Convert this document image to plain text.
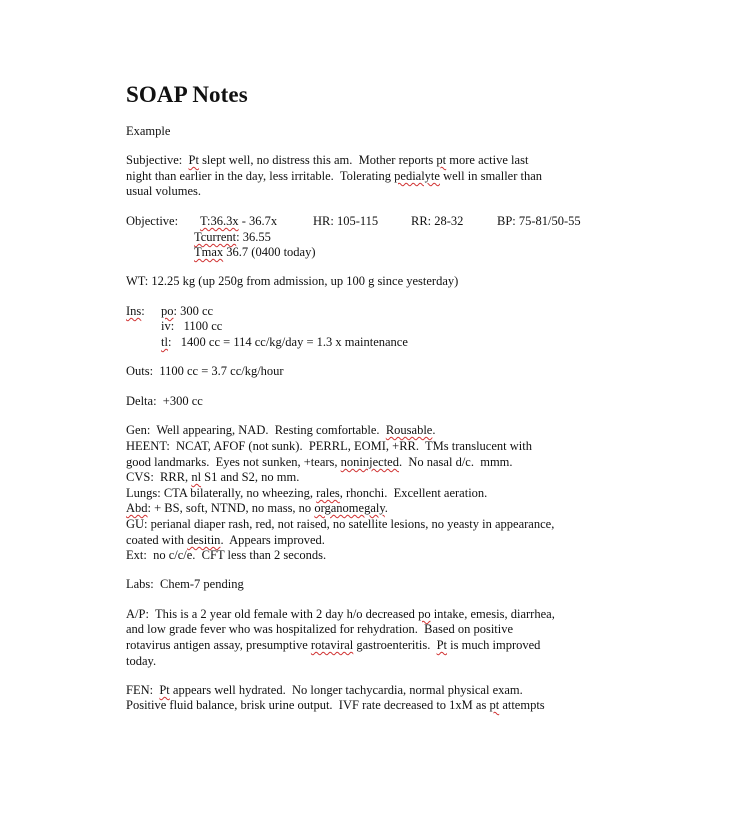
SOAP Notes
Example
Subjective: Pt slept well, no distress this am.  Mother reports pt more active last
night than earlier in the day, less irritable.  Tolerating pedialyte well in smaller than
usual volumes.
Objective: T:36.3x - 36.7x	HR: 105-115	RR: 28-32	BP: 75-81/50-55
Tcurrent: 36.55
Tmax 36.7 (0400 today)
WT: 12.25 kg (up 250g from admission, up 100 g since yesterday)
Ins: po: 300 cc
iv:   1100 cc
tl:   1400 cc = 114 cc/kg/day = 1.3 x maintenance
Outs:  1100 cc = 3.7 cc/kg/hour
Delta:  +300 cc
Gen:  Well appearing, NAD.  Resting comfortable.  Rousable.
HEENT:  NCAT, AFOF (not sunk).  PERRL, EOMI, +RR.  TMs translucent with
good landmarks.  Eyes not sunken, +tears, noninjected.  No nasal d/c.  mmm.
CVS:  RRR, nl S1 and S2, no mm.
Lungs: CTA bilaterally, no wheezing, rales, rhonchi.  Excellent aeration.
Abd: + BS, soft, NTND, no mass, no organomegaly.
GU: perianal diaper rash, red, not raised, no satellite lesions, no yeasty in appearance,
coated with desitin.  Appears improved.
Ext:  no c/c/e.  CFT less than 2 seconds.
Labs:  Chem-7 pending
A/P:  This is a 2 year old female with 2 day h/o decreased po intake, emesis, diarrhea,
and low grade fever who was hospitalized for rehydration.  Based on positive
rotavirus antigen assay, presumptive rotaviral gastroenteritis.  Pt is much improved
today.
FEN:  Pt appears well hydrated.  No longer tachycardia, normal physical exam.
Positive fluid balance, brisk urine output.  IVF rate decreased to 1xM as pt attempts
